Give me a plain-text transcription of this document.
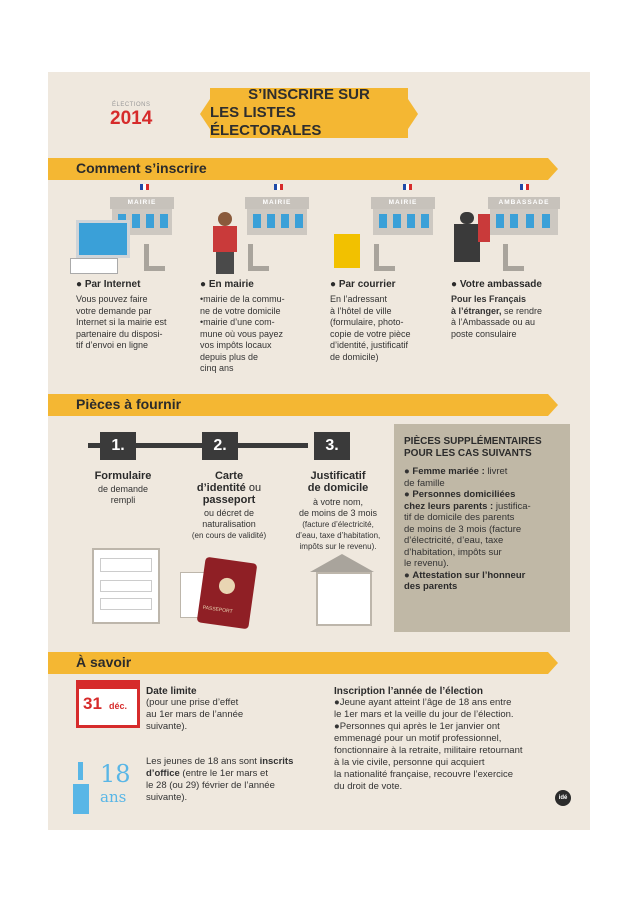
ÉLECTIONS
2014
S’INSCRIRE SUR
LES LISTES ÉLECTORALES
Comment s’inscrire
MAIRIE
● Par Internet
Vous pouvez faire
votre demande par
Internet si la mairie est
partenaire du disposi-
tif d’envoi en ligne
MAIRIE
● En mairie
•mairie de la commu-
ne de votre domicile
•mairie d’une com-
mune où vous payez
vos impôts locaux
depuis plus de
cinq ans
MAIRIE
● Par courrier
En l’adressant
à l’hôtel de ville
(formulaire, photo-
copie de votre pièce
d’identité, justificatif
de domicile)
AMBASSADE
● Votre ambassade
Pour les Français
à l’étranger, se rendre
à l’Ambassade ou au
poste consulaire
Pièces à fournir
1.	2.	3.
Formulaire
de demande
rempli
Carte
d’identité ou
passeport
ou décret de
naturalisation
(en cours de validité)
PASSEPORT
Justificatif
de domicile
à votre nom,
de moins de 3 mois
(facture d’électricité,
d’eau, taxe d’habitation,
impôts sur le revenu).
PIÈCES SUPPLÉMENTAIRES
POUR LES CAS SUIVANTS
● Femme mariée : livret
de famille
● Personnes domiciliées
chez leurs parents : justifica-
tif de domicile des parents
de moins de 3 mois (facture
d’électricité, d’eau, taxe
d’habitation, impôts sur
le revenu).
● Attestation sur l’honneur
des parents
À savoir
31 déc.
Date limite
(pour une prise d’effet
au 1er mars de l’année
suivante).
18
ans
Les jeunes de 18 ans sont inscrits
d’office (entre le 1er mars et
le 28 (ou 29) février de l’année
suivante).
Inscription l’année de l’élection
●Jeune ayant atteint l’âge de 18 ans entre
le 1er mars et la veille du jour de l’élection.
●Personnes qui après le 1er janvier ont
emmenagé pour un motif professionnel,
fonctionnaire à la retraite, militaire retournant
à la vie civile, personne qui acquiert
la nationalité française, recouvre l’exercice
du droit de vote.
idé
